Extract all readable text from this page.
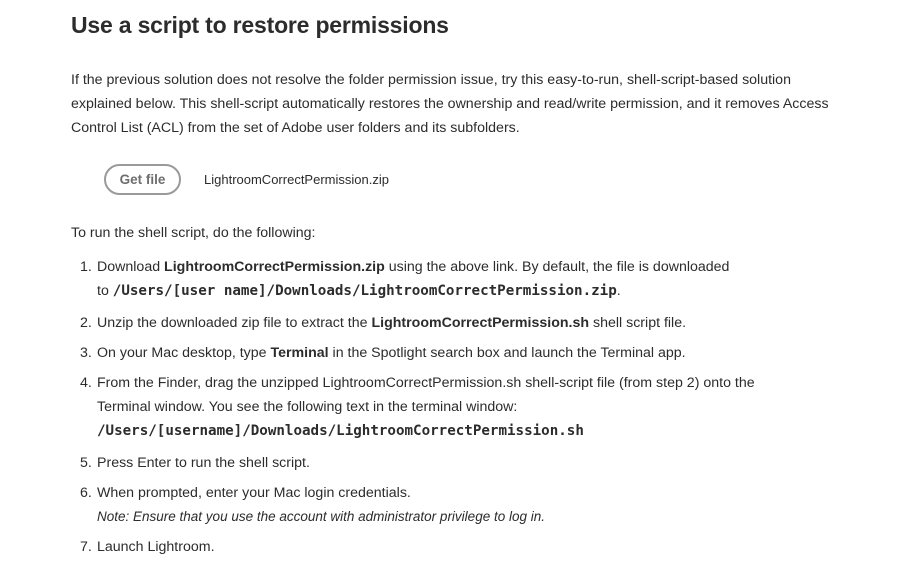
Use a script to restore permissions

If the previous solution does not resolve the folder permission issue, try this easy-to-run, shell-script-based solution explained below. This shell-script automatically restores the ownership and read/write permission, and it removes Access Control List (ACL) from the set of Adobe user folders and its subfolders.

Get file	LightroomCorrectPermission.zip

To run the shell script, do the following:

1. Download LightroomCorrectPermission.zip using the above link. By default, the file is downloaded
to /Users/[user name]/Downloads/LightroomCorrectPermission.zip.
2. Unzip the downloaded zip file to extract the LightroomCorrectPermission.sh shell script file.
3. On your Mac desktop, type Terminal in the Spotlight search box and launch the Terminal app.
4. From the Finder, drag the unzipped LightroomCorrectPermission.sh shell-script file (from step 2) onto the
Terminal window. You see the following text in the terminal window:
/Users/[username]/Downloads/LightroomCorrectPermission.sh
5. Press Enter to run the shell script.
6. When prompted, enter your Mac login credentials.
Note: Ensure that you use the account with administrator privilege to log in.
7. Launch Lightroom.
